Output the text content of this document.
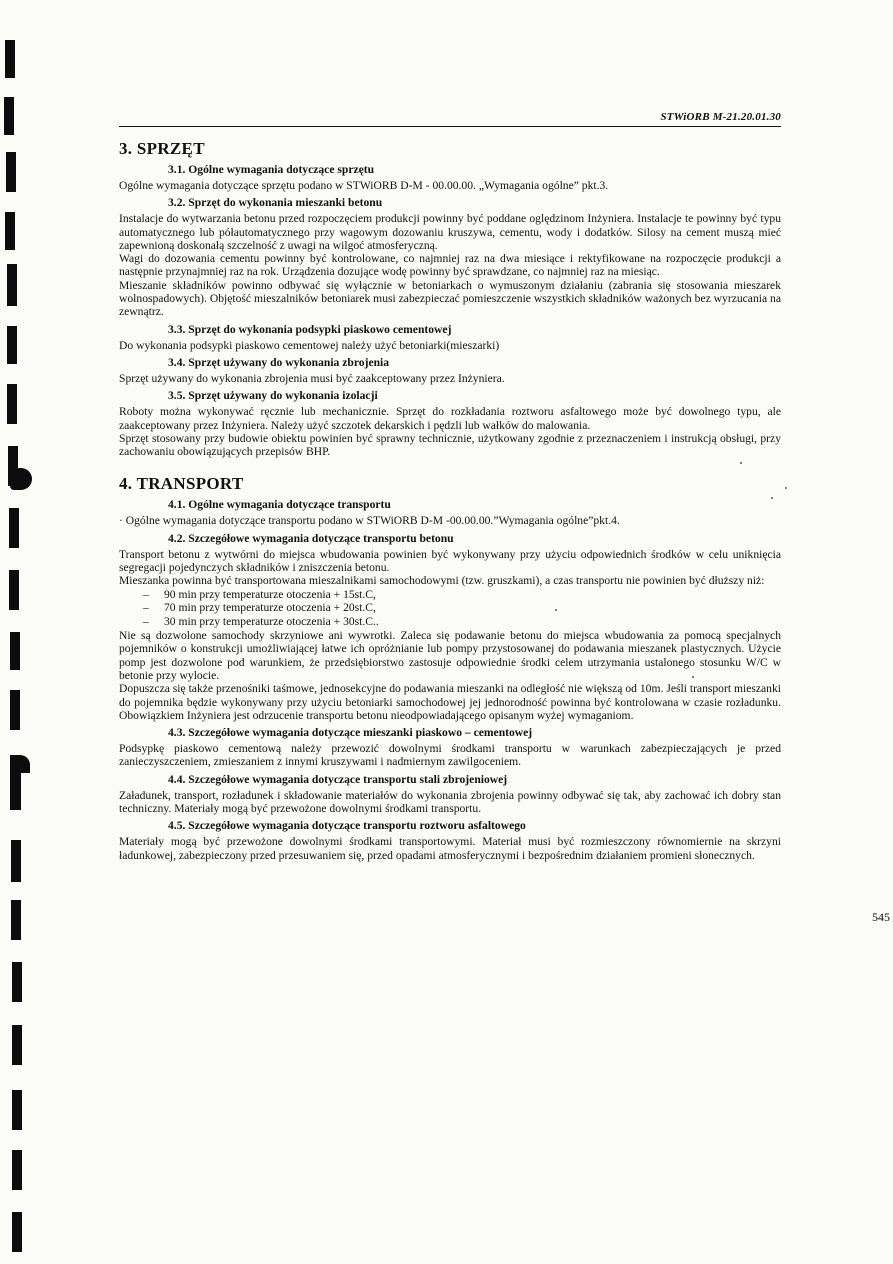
STWiORB M-21.20.01.30
3. SPRZĘT
3.1. Ogólne wymagania dotyczące sprzętu

Ogólne wymagania dotyczące sprzętu podano w STWiORB D-M - 00.00.00. „Wymagania ogólne” pkt.3.

3.2. Sprzęt do wykonania mieszanki betonu

Instalacje do wytwarzania betonu przed rozpoczęciem produkcji powinny być poddane oględzinom Inżyniera. Instalacje te powinny być typu automatycznego lub półautomatycznego przy wagowym dozowaniu kruszywa, cementu, wody i dodatków. Silosy na cement muszą mieć zapewnioną doskonałą szczelność z uwagi na wilgoć atmosferyczną.

Wagi do dozowania cementu powinny być kontrolowane, co najmniej raz na dwa miesiące i rektyfikowane na rozpoczęcie produkcji a następnie przynajmniej raz na rok. Urządzenia dozujące wodę powinny być sprawdzane, co najmniej raz na miesiąc.

Mieszanie składników powinno odbywać się wyłącznie w betoniarkach o wymuszonym działaniu (zabrania się stosowania mieszarek wolnospadowych). Objętość mieszalników betoniarek musi zabezpieczać pomieszczenie wszystkich składników ważonych bez wyrzucania na zewnątrz.

3.3. Sprzęt do wykonania podsypki piaskowo cementowej

Do wykonania podsypki piaskowo cementowej należy użyć betoniarki(mieszarki)

3.4. Sprzęt używany do wykonania zbrojenia

Sprzęt używany do wykonania zbrojenia musi być zaakceptowany przez Inżyniera.

3.5. Sprzęt używany do wykonania izolacji

Roboty można wykonywać ręcznie lub mechanicznie. Sprzęt do rozkładania roztworu asfaltowego może być dowolnego typu, ale zaakceptowany przez Inżyniera. Należy użyć szczotek dekarskich i pędzli lub wałków do malowania.

Sprzęt stosowany przy budowie obiektu powinien być sprawny technicznie, użytkowany zgodnie z przeznaczeniem i instrukcją obsługi, przy zachowaniu obowiązujących przepisów BHP.

4. TRANSPORT
4.1. Ogólne wymagania dotyczące transportu

· Ogólne wymagania dotyczące transportu podano w STWiORB D-M -00.00.00.”Wymagania ogólne”pkt.4.

4.2. Szczegółowe wymagania dotyczące transportu betonu

Transport betonu z wytwórni do miejsca wbudowania powinien być wykonywany przy użyciu odpowiednich środków w celu uniknięcia segregacji pojedynczych składników i zniszczenia betonu.

Mieszanka powinna być transportowana mieszalnikami samochodowymi (tzw. gruszkami), a czas transportu nie powinien być dłuższy niż:

– 90 min przy temperaturze otoczenia + 15st.C,
– 70 min przy temperaturze otoczenia + 20st.C,
– 30 min przy temperaturze otoczenia + 30st.C..

Nie są dozwolone samochody skrzyniowe ani wywrotki. Zaleca się podawanie betonu do miejsca wbudowania za pomocą specjalnych pojemników o konstrukcji umożliwiającej łatwe ich opróżnianie lub pompy przystosowanej do podawania mieszanek plastycznych. Użycie pomp jest dozwolone pod warunkiem, że przedsiębiorstwo zastosuje odpowiednie środki celem utrzymania ustalonego stosunku W/C w betonie przy wylocie.

Dopuszcza się także przenośniki taśmowe, jednosekcyjne do podawania mieszanki na odległość nie większą od 10m. Jeśli transport mieszanki do pojemnika będzie wykonywany przy użyciu betoniarki samochodowej jej jednorodność powinna być kontrolowana w czasie rozładunku. Obowiązkiem Inżyniera jest odrzucenie transportu betonu nieodpowiadającego opisanym wyżej wymaganiom.

4.3. Szczegółowe wymagania dotyczące mieszanki piaskowo – cementowej

Podsypkę piaskowo cementową należy przewozić dowolnymi środkami transportu w warunkach zabezpieczających je przed zanieczyszczeniem, zmieszaniem z innymi kruszywami i nadmiernym zawilgoceniem.

4.4. Szczegółowe wymagania dotyczące transportu stali zbrojeniowej

Załadunek, transport, rozładunek i składowanie materiałów do wykonania zbrojenia powinny odbywać się tak, aby zachować ich dobry stan techniczny. Materiały mogą być przewożone dowolnymi środkami transportu.

4.5. Szczegółowe wymagania dotyczące transportu roztworu asfaltowego

Materiały mogą być przewożone dowolnymi środkami transportowymi. Materiał musi być rozmieszczony równomiernie na skrzyni ładunkowej, zabezpieczony przed przesuwaniem się, przed opadami atmosferycznymi i bezpośrednim działaniem promieni słonecznych.

545
